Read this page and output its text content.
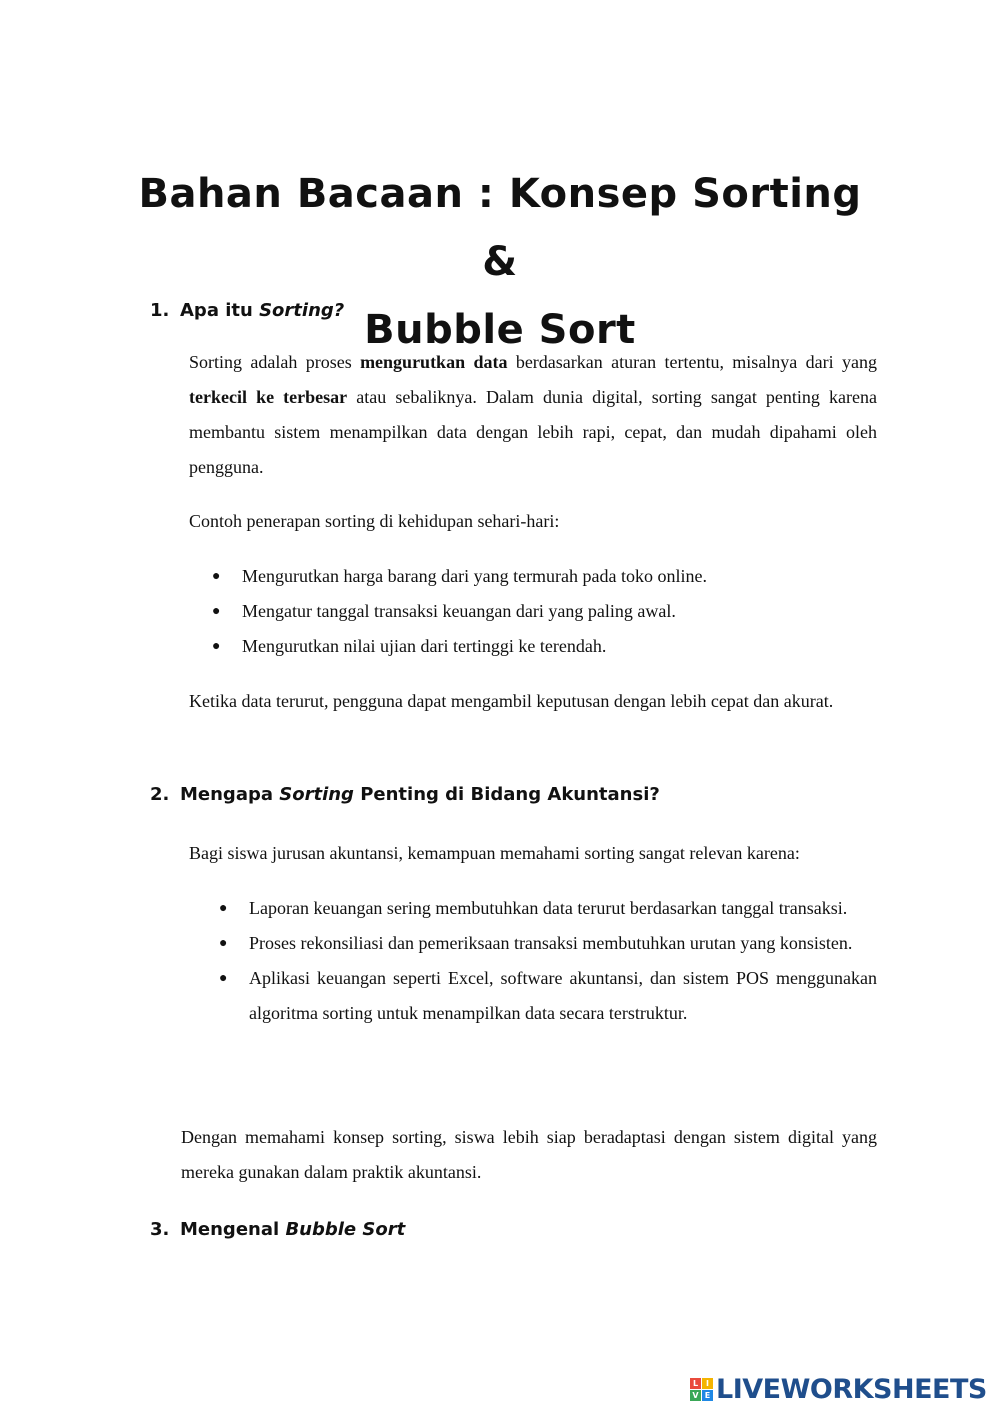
Bahan Bacaan : Konsep Sorting &
Bubble Sort
1. Apa itu Sorting?

Sorting adalah proses mengurutkan data berdasarkan aturan tertentu, misalnya dari yang terkecil ke terbesar atau sebaliknya. Dalam dunia digital, sorting sangat penting karena membantu sistem menampilkan data dengan lebih rapi, cepat, dan mudah dipahami oleh pengguna.

Contoh penerapan sorting di kehidupan sehari-hari:

● Mengurutkan harga barang dari yang termurah pada toko online.
● Mengatur tanggal transaksi keuangan dari yang paling awal.
● Mengurutkan nilai ujian dari tertinggi ke terendah.

Ketika data terurut, pengguna dapat mengambil keputusan dengan lebih cepat dan akurat.

2. Mengapa Sorting Penting di Bidang Akuntansi?

Bagi siswa jurusan akuntansi, kemampuan memahami sorting sangat relevan karena:

● Laporan keuangan sering membutuhkan data terurut berdasarkan tanggal transaksi.
● Proses rekonsiliasi dan pemeriksaan transaksi membutuhkan urutan yang konsisten.
● Aplikasi keuangan seperti Excel, software akuntansi, dan sistem POS menggunakan algoritma sorting untuk menampilkan data secara terstruktur.

Dengan memahami konsep sorting, siswa lebih siap beradaptasi dengan sistem digital yang mereka gunakan dalam praktik akuntansi.

3. Mengenal Bubble Sort
L I
V E LIVEWORKSHEETS
